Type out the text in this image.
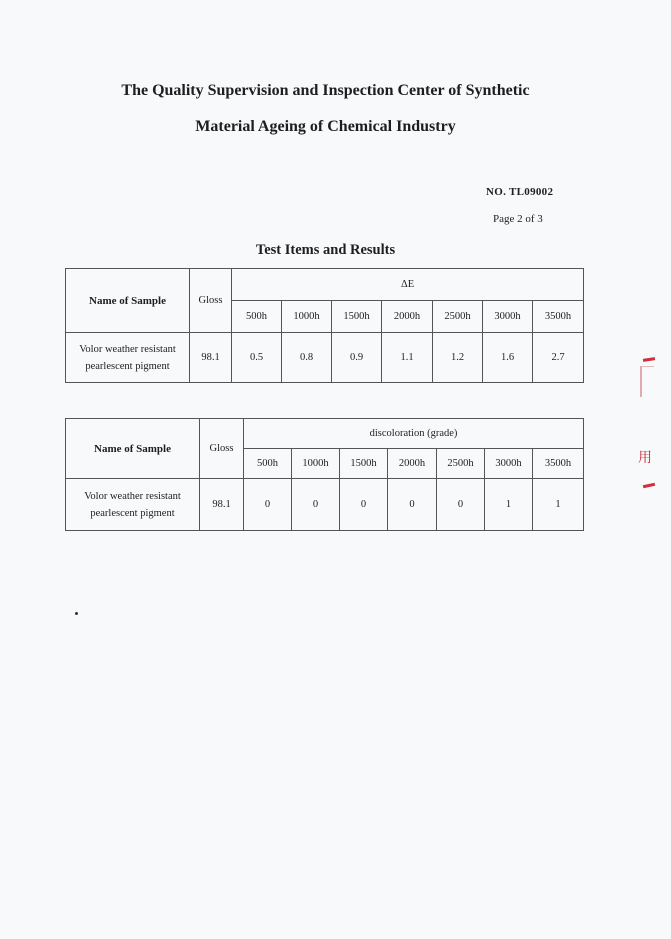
The Quality Supervision and Inspection Center of Synthetic
Material Ageing of Chemical Industry
NO. TL09002
Page 2 of 3
Test Items and Results
Name of Sample	Gloss	ΔE						
		500h	1000h	1500h	2000h	2500h	3000h	3500h

Volor weather resistant
pearlescent pigment	98.1	0.5	0.8	0.9	1.1	1.2	1.6	2.7
Name of Sample	Gloss	discoloration (grade)						
		500h	1000h	1500h	2000h	2500h	3000h	3500h

Volor weather resistant
pearlescent pigment	98.1	0	0	0	0	0	1	1
用
